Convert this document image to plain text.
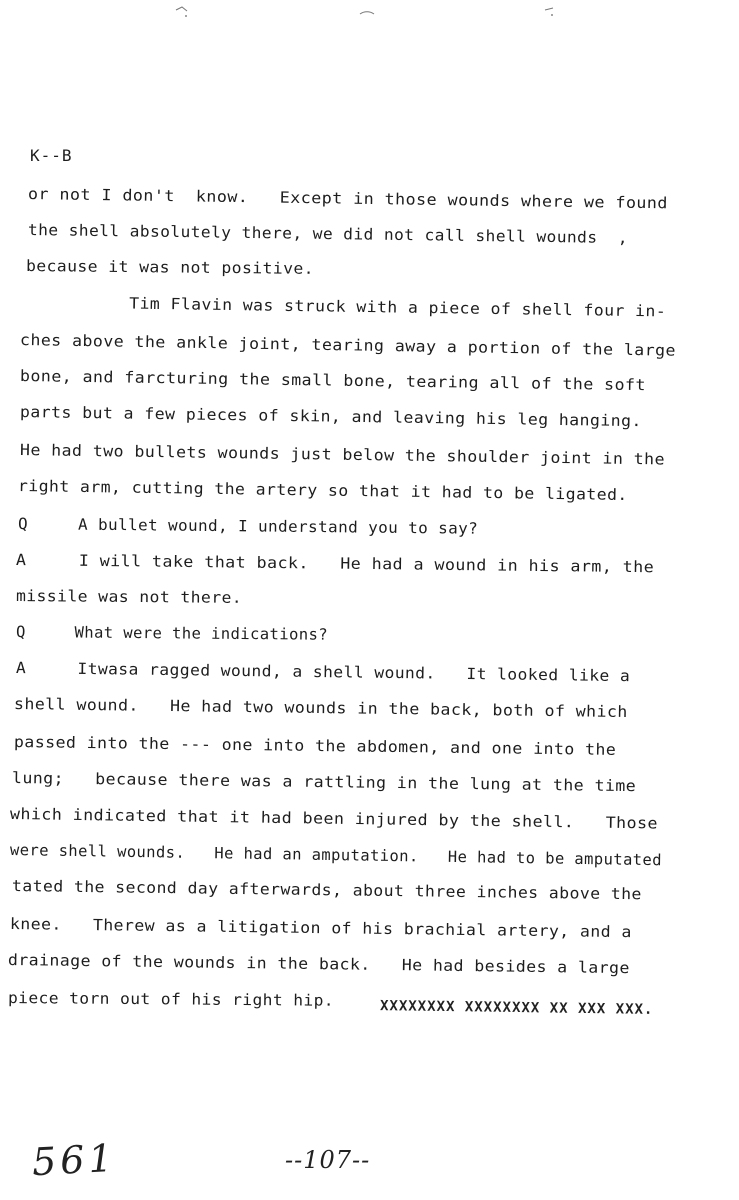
K--B
or not I don't  know.   Except in those wounds where we found
the shell absolutely there, we did not call shell wounds  ,
because it was not positive.
Tim Flavin was struck with a piece of shell four in-
ches above the ankle joint, tearing away a portion of the large
bone, and farcturing the small bone, tearing all of the soft
parts but a few pieces of skin, and leaving his leg hanging.
He had two bullets wounds just below the shoulder joint in the
right arm, cutting the artery so that it had to be ligated.
Q     A bullet wound, I understand you to say?
A     I will take that back.   He had a wound in his arm, the
missile was not there.
Q     What were the indications?
A     Itwasa ragged wound, a shell wound.   It looked like a
shell wound.   He had two wounds in the back, both of which
passed into the --- one into the abdomen, and one into the
lung;   because there was a rattling in the lung at the time
which indicated that it had been injured by the shell.   Those
were shell wounds.   He had an amputation.   He had to be amputated
tated the second day afterwards, about three inches above the
knee.   Therew as a litigation of his brachial artery, and a
drainage of the wounds in the back.   He had besides a large
piece torn out of his right hip.	XXXXXXXX XXXXXXXX XX XXX XXX.
561	--107--
